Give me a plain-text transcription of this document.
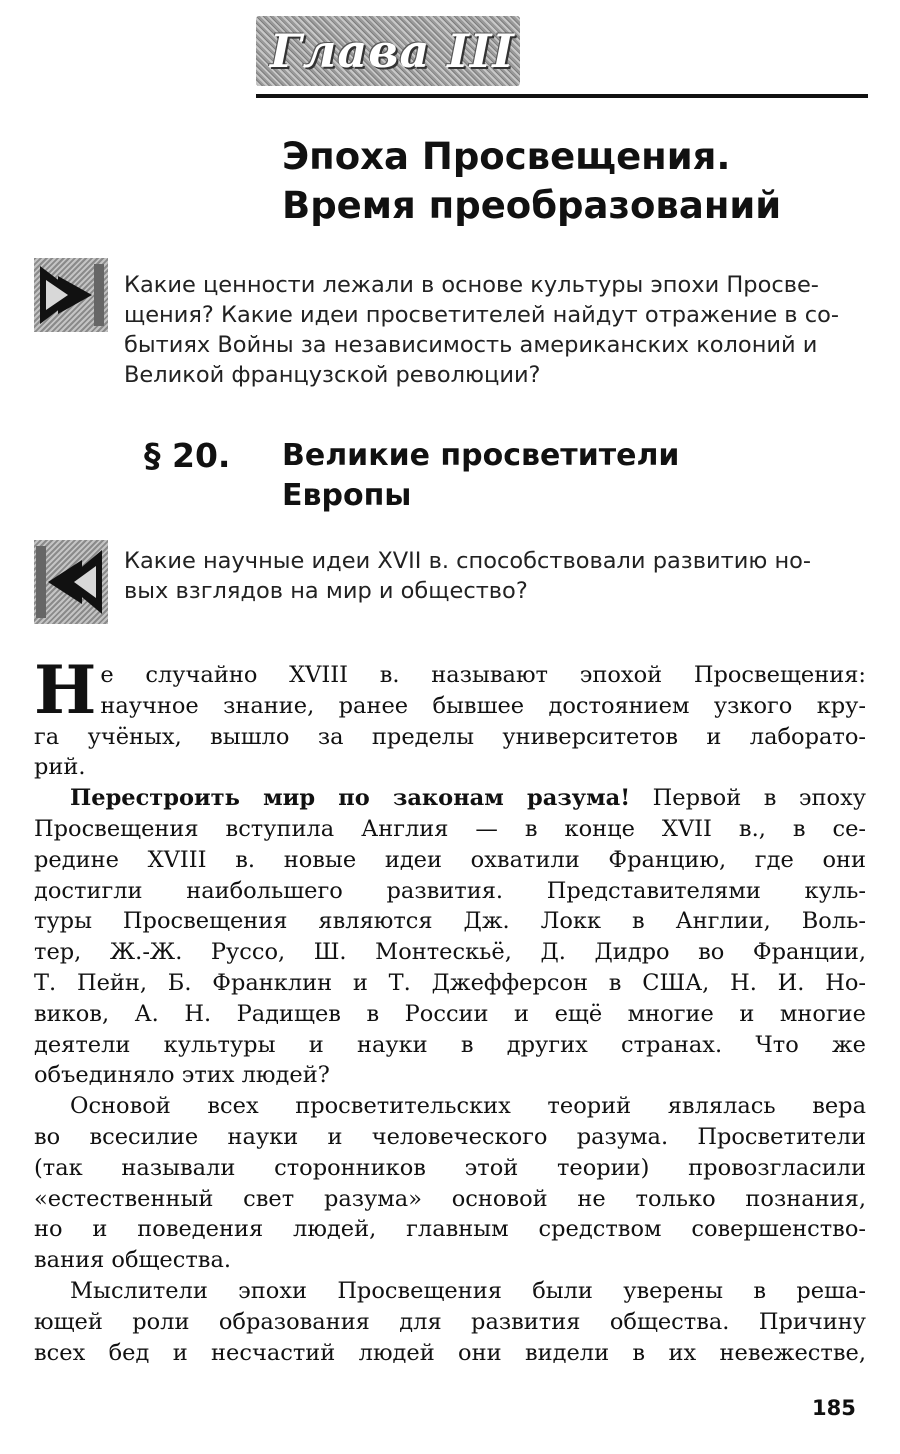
Глава III
Эпоха Просвещения.
Время преобразований
Какие ценности лежали в основе культуры эпохи Просве-
щения? Какие идеи просветителей найдут отражение в со-
бытиях Войны за независимость американских колоний и
Великой французской революции?
§ 20. Великие просветители
Европы
Какие научные идеи XVII в. способствовали развитию но-
вых взглядов на мир и общество?

Н е случайно XVIII в. называют эпохой Просвещения:
научное знание, ранее бывшее достоянием узкого кру-
га учёных, вышло за пределы университетов и лаборато-
рий.

Перестроить мир по законам разума! Первой в эпоху
Просвещения вступила Англия — в конце XVII в., в се-
редине XVIII в. новые идеи охватили Францию, где они
достигли наибольшего развития. Представителями куль-
туры Просвещения являются Дж. Локк в Англии, Воль-
тер, Ж.-Ж. Руссо, Ш. Монтескьё, Д. Дидро во Франции,
Т. Пейн, Б. Франклин и Т. Джефферсон в США, Н. И. Но-
виков, А. Н. Радищев в России и ещё многие и многие
деятели культуры и науки в других странах. Что же
объединяло этих людей?

Основой всех просветительских теорий являлась вера
во всесилие науки и человеческого разума. Просветители
(так называли сторонников этой теории) провозгласили
«естественный свет разума» основой не только познания,
но и поведения людей, главным средством совершенство-
вания общества.

Мыслители эпохи Просвещения были уверены в реша-
ющей роли образования для развития общества. Причину
всех бед и несчастий людей они видели в их невежестве,

185
